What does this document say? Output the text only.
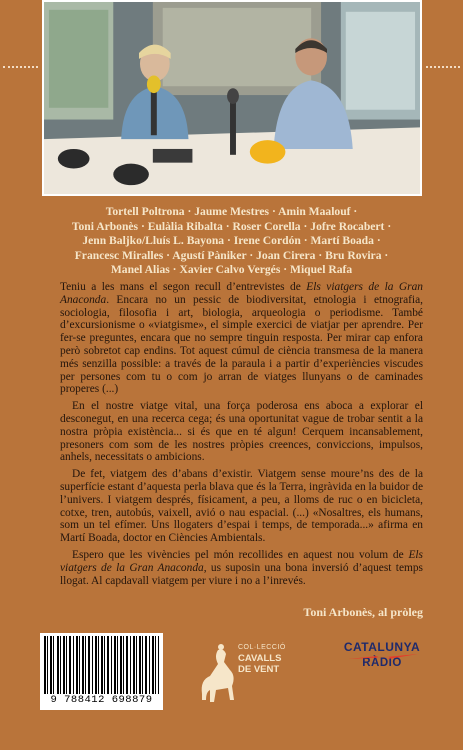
Tortell Poltrona · Jaume Mestres · Amin Maalouf ·
Toni Arbonès · Eulàlia Ribalta · Roser Corella · Jofre Rocabert ·
Jenn Baljko/Lluís L. Bayona · Irene Cordón · Martí Boada ·
Francesc Miralles · Agustí Pàniker · Joan Cirera · Bru Rovira ·
Manel Alias · Xavier Calvo Vergés · Miquel Rafa

Teniu a les mans el segon recull d’entrevistes de Els viatgers de la Gran Anaconda. Encara no un pessic de biodiversitat, etnologia i etnografia, sociologia, filosofia i art, biologia, arqueologia o periodisme. També d’excursionisme o «viatgisme», el simple exercici de viatjar per aprendre. Per fer-se preguntes, encara que no sempre tinguin resposta. Per mirar cap enfora però sobretot cap endins. Tot aquest cúmul de ciència transmesa de la manera més senzilla possible: a través de la paraula i a partir d’experiències viscudes per persones com tu o com jo arran de viatges llunyans o de caminades properes (...)

En el nostre viatge vital, una força poderosa ens aboca a explorar el desconegut, en una recerca cega; és una oportunitat vague de trobar sentit a la nostra pròpia existència... si és que en té algun! Cerquem incansablement, presoners com som de les nostres pròpies creences, conviccions, impulsos, anhels, necessitats o ambicions.

De fet, viatgem des d’abans d’existir. Viatgem sense moure’ns des de la superfície estant d’aquesta perla blava que és la Terra, ingràvida en la buidor de l’univers. I viatgem després, físicament, a peu, a lloms de ruc o en bicicleta, cotxe, tren, autobús, vaixell, avió o nau espacial. (...) «Nosaltres, els humans, som un tel efímer. Uns llogaters d’espai i temps, de temporada...» afirma en Martí Boada, doctor en Ciències Ambientals.

Espero que les vivències pel món recollides en aquest nou volum de Els viatgers de la Gran Anaconda, us suposin una bona inversió d’aquest temps llogat. Al capdavall viatgem per viure i no a l’inrevés.

Toni Arbonès, al pròleg
9 788412 698879
COL·LECCIÓ
CAVALLS
DE VENT
CATALUNYA
RÀDIO
